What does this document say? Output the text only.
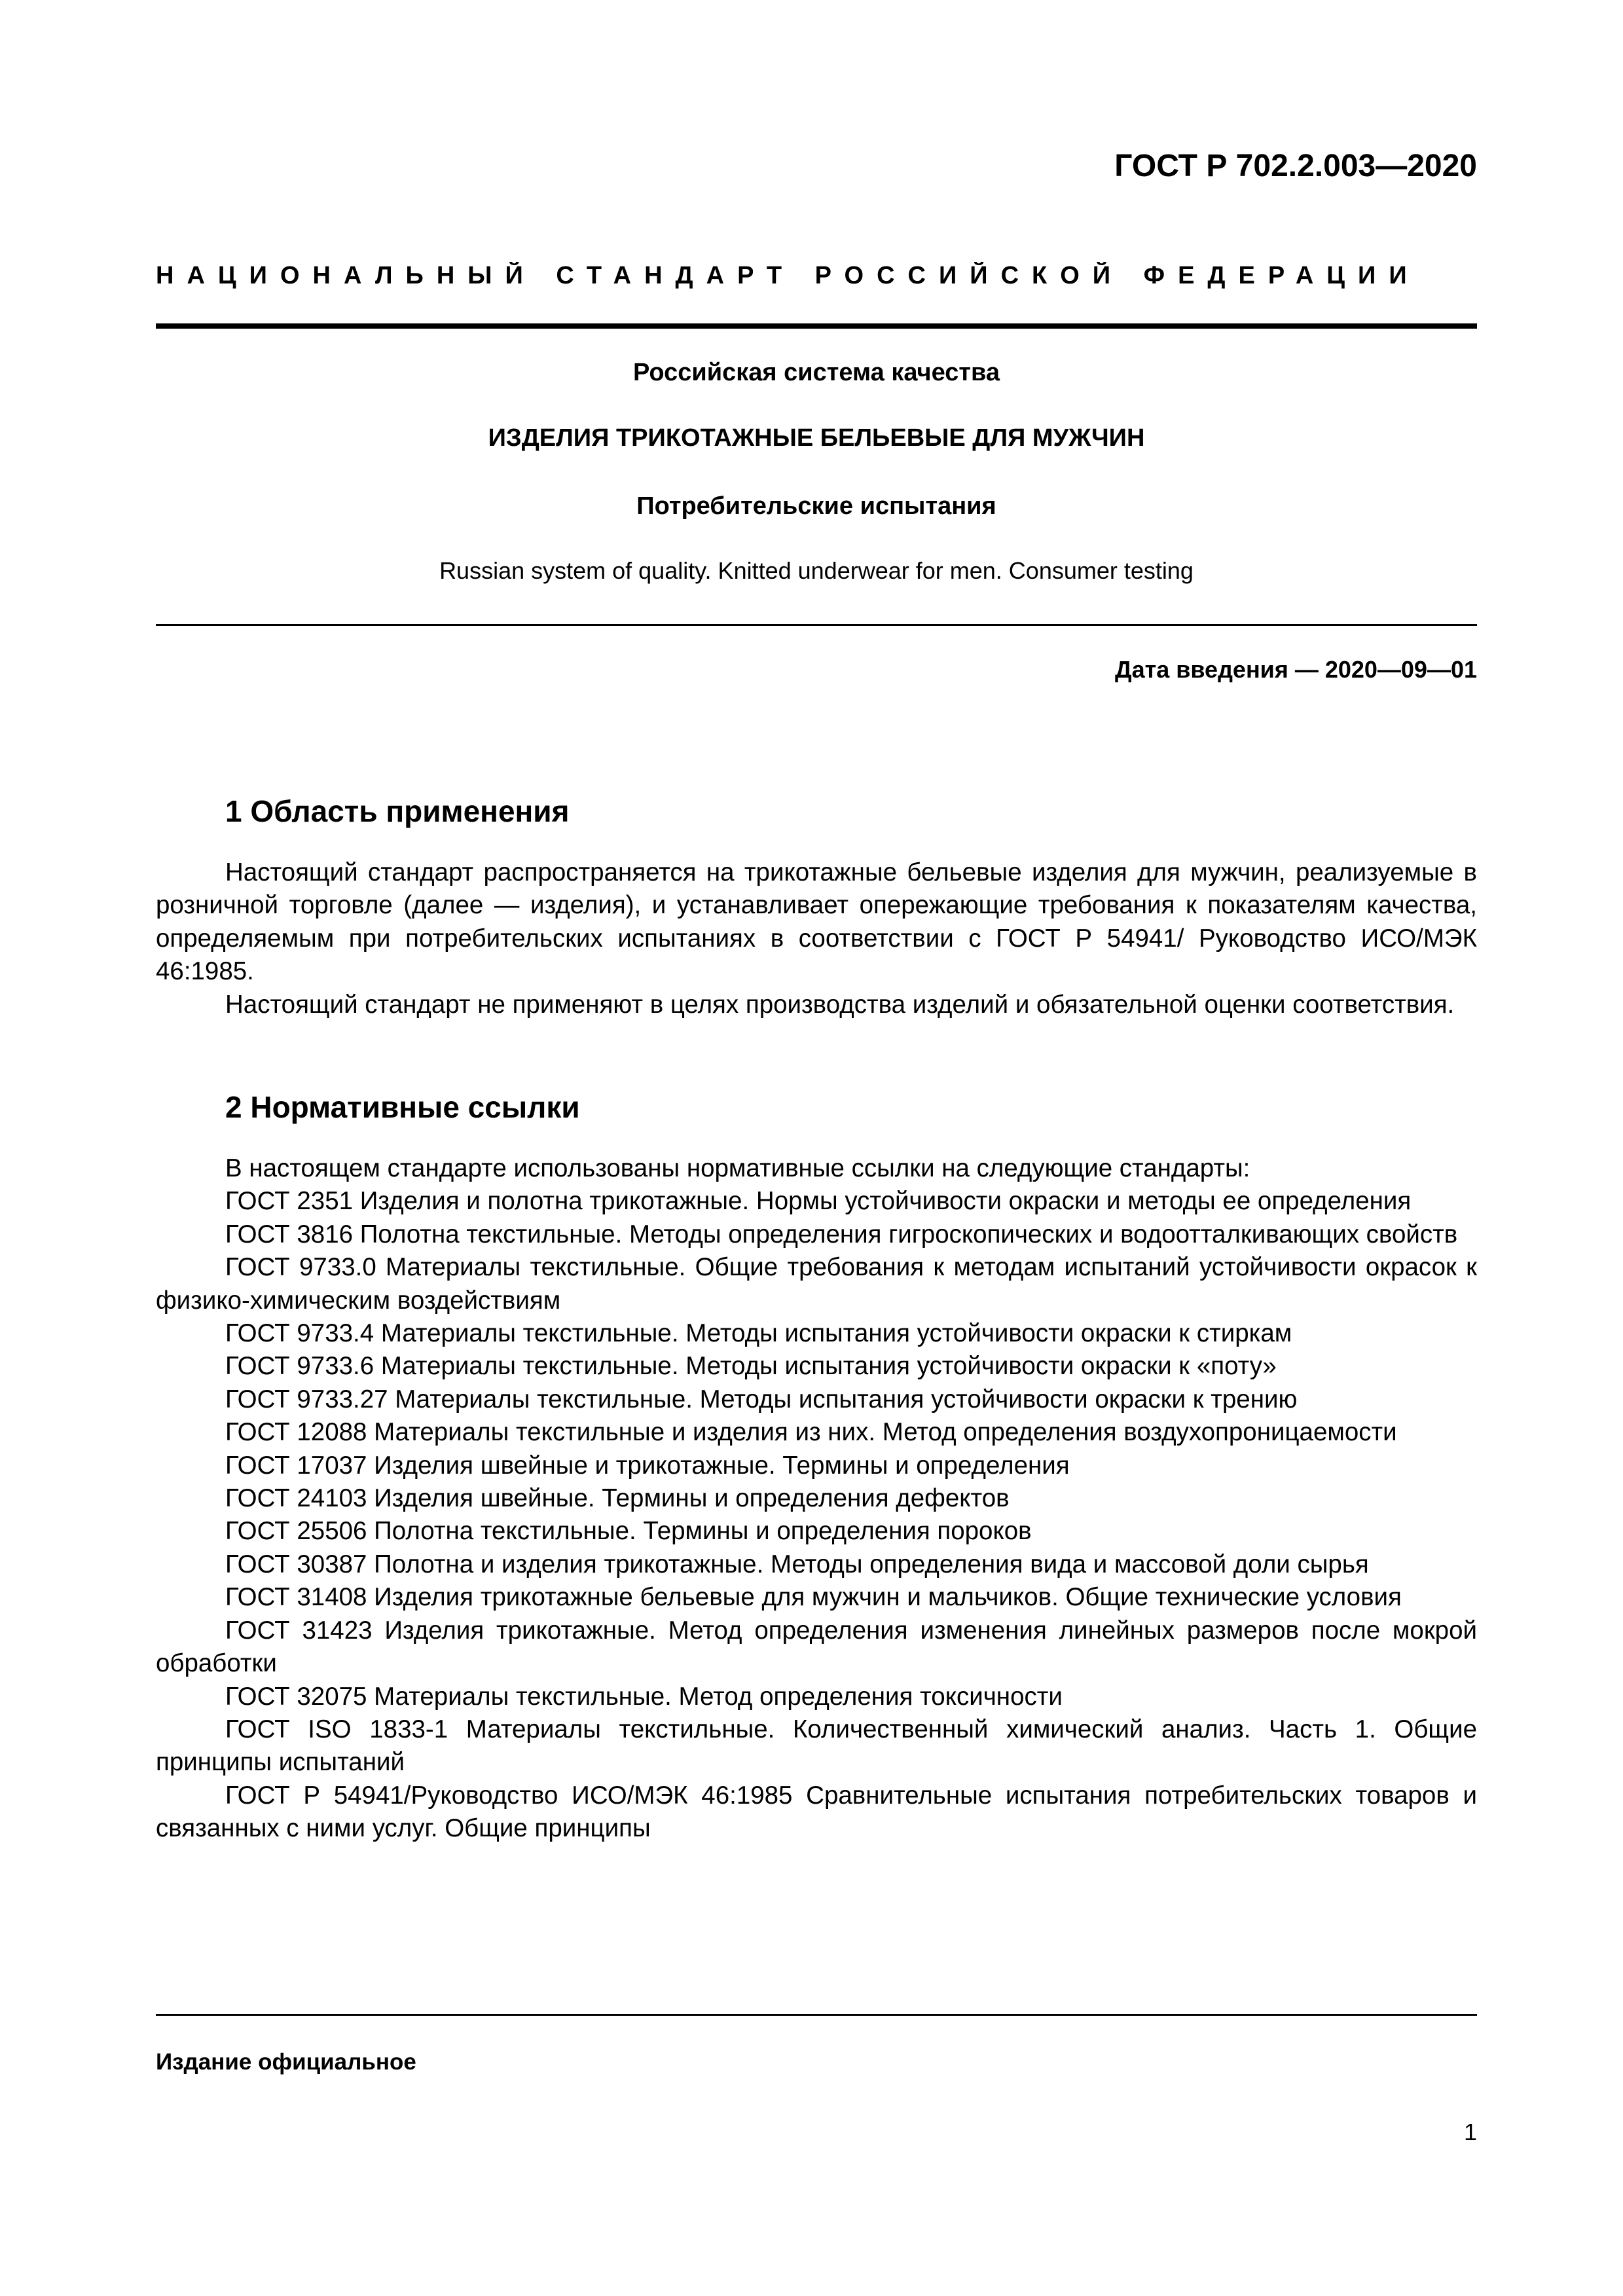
ГОСТ Р 702.2.003—2020
НАЦИОНАЛЬНЫЙ СТАНДАРТ РОССИЙСКОЙ ФЕДЕРАЦИИ
Российская система качества
ИЗДЕЛИЯ ТРИКОТАЖНЫЕ БЕЛЬЕВЫЕ ДЛЯ МУЖЧИН
Потребительские испытания
Russian system of quality. Knitted underwear for men. Consumer testing
Дата введения — 2020—09—01
1 Область применения

Настоящий стандарт распространяется на трикотажные бельевые изделия для мужчин, реализуемые в розничной торговле (далее — изделия), и устанавливает опережающие требования к показателям качества, определяемым при потребительских испытаниях в соответствии с ГОСТ Р 54941/ Руководство ИСО/МЭК 46:1985.

Настоящий стандарт не применяют в целях производства изделий и обязательной оценки соответствия.

2 Нормативные ссылки

В настоящем стандарте использованы нормативные ссылки на следующие стандарты:

ГОСТ 2351 Изделия и полотна трикотажные. Нормы устойчивости окраски и методы ее определения

ГОСТ 3816 Полотна текстильные. Методы определения гигроскопических и водоотталкивающих свойств

ГОСТ 9733.0 Материалы текстильные. Общие требования к методам испытаний устойчивости окрасок к физико-химическим воздействиям

ГОСТ 9733.4 Материалы текстильные. Методы испытания устойчивости окраски к стиркам

ГОСТ 9733.6 Материалы текстильные. Методы испытания устойчивости окраски к «поту»

ГОСТ 9733.27 Материалы текстильные. Методы испытания устойчивости окраски к трению

ГОСТ 12088 Материалы текстильные и изделия из них. Метод определения воздухопроницаемости

ГОСТ 17037 Изделия швейные и трикотажные. Термины и определения

ГОСТ 24103 Изделия швейные. Термины и определения дефектов

ГОСТ 25506 Полотна текстильные. Термины и определения пороков

ГОСТ 30387 Полотна и изделия трикотажные. Методы определения вида и массовой доли сырья

ГОСТ 31408 Изделия трикотажные бельевые для мужчин и мальчиков. Общие технические условия

ГОСТ 31423 Изделия трикотажные. Метод определения изменения линейных размеров после мокрой обработки

ГОСТ 32075 Материалы текстильные. Метод определения токсичности

ГОСТ ISO 1833-1 Материалы текстильные. Количественный химический анализ. Часть 1. Общие принципы испытаний

ГОСТ Р 54941/Руководство ИСО/МЭК 46:1985 Сравнительные испытания потребительских товаров и связанных с ними услуг. Общие принципы

Издание официальное
1
